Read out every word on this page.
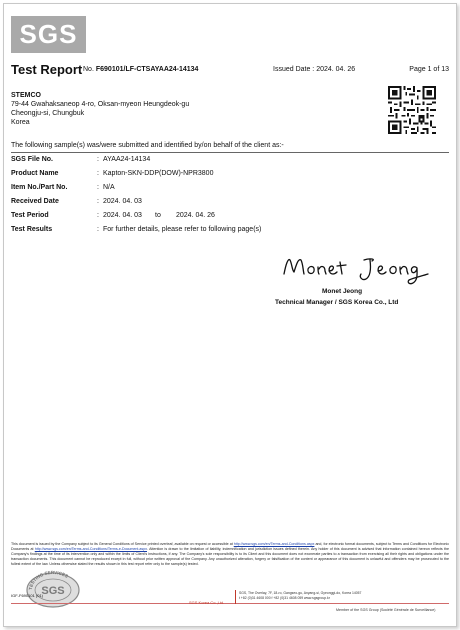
SGS
Test Report No. F690101/LF-CTSAYAA24-14134	Issued Date : 2024. 04. 26	Page 1 of 13
STEMCO
79-44 Gwahaksaneop 4-ro, Oksan-myeon Heungdeok-gu
Cheongju-si, Chungbuk
Korea
The following sample(s) was/were submitted and identified by/on behalf of the client as:-
SGS File No.	: AYAA24-14134
Product Name	: Kapton-SKN-DDP(DOW)-NPR3800
Item No./Part No.	: N/A
Received Date	: 2024. 04. 03
Test Period	: 2024. 04. 03 to 2024. 04. 26
Test Results	: For further details, please refer to following page(s)
Monet Jeong
Technical Manager / SGS Korea Co., Ltd
This document is issued by the Company subject to its General Conditions of Service printed overleaf, available on request or accessible at http://www.sgs.com/en/Terms-and-Conditions.aspx and, for electronic format documents, subject to Terms and Conditions for Electronic Documents at http://www.sgs.com/en/Terms-and-Conditions/Terms-e-Document.aspx. Attention is drawn to the limitation of liability, indemnification and jurisdiction issues defined therein. Any holder of this document is advised that information contained hereon reflects the Company's findings at the time of its intervention only and within the limits of Client's instructions, if any. The Company's sole responsibility is to its Client and this document does not exonerate parties to a transaction from exercising all their rights and obligations under the transaction documents. This document cannot be reproduced except in full, without prior written approval of the Company. Any unauthorized alteration, forgery or falsification of the content or appearance of this document is unlawful and offenders may be prosecuted to the fullest extent of the law. Unless otherwise stated the results shown in this test report refer only to the sample(s) tested.
TESTING SERVICES
SGS
IGF-F690101 (01)
SGS Korea Co.,Ltd.
SGS, The Overlay, 7F, 18-ro, Gangseo-gu, Anyang-si, Gyeonggi-do, Korea 14057
t +82 (0)31 4608 000 f +82 (0)31 4608 059 www.sgsgroup.kr
Member of the SGS Group (Société Générale de Surveillance)
